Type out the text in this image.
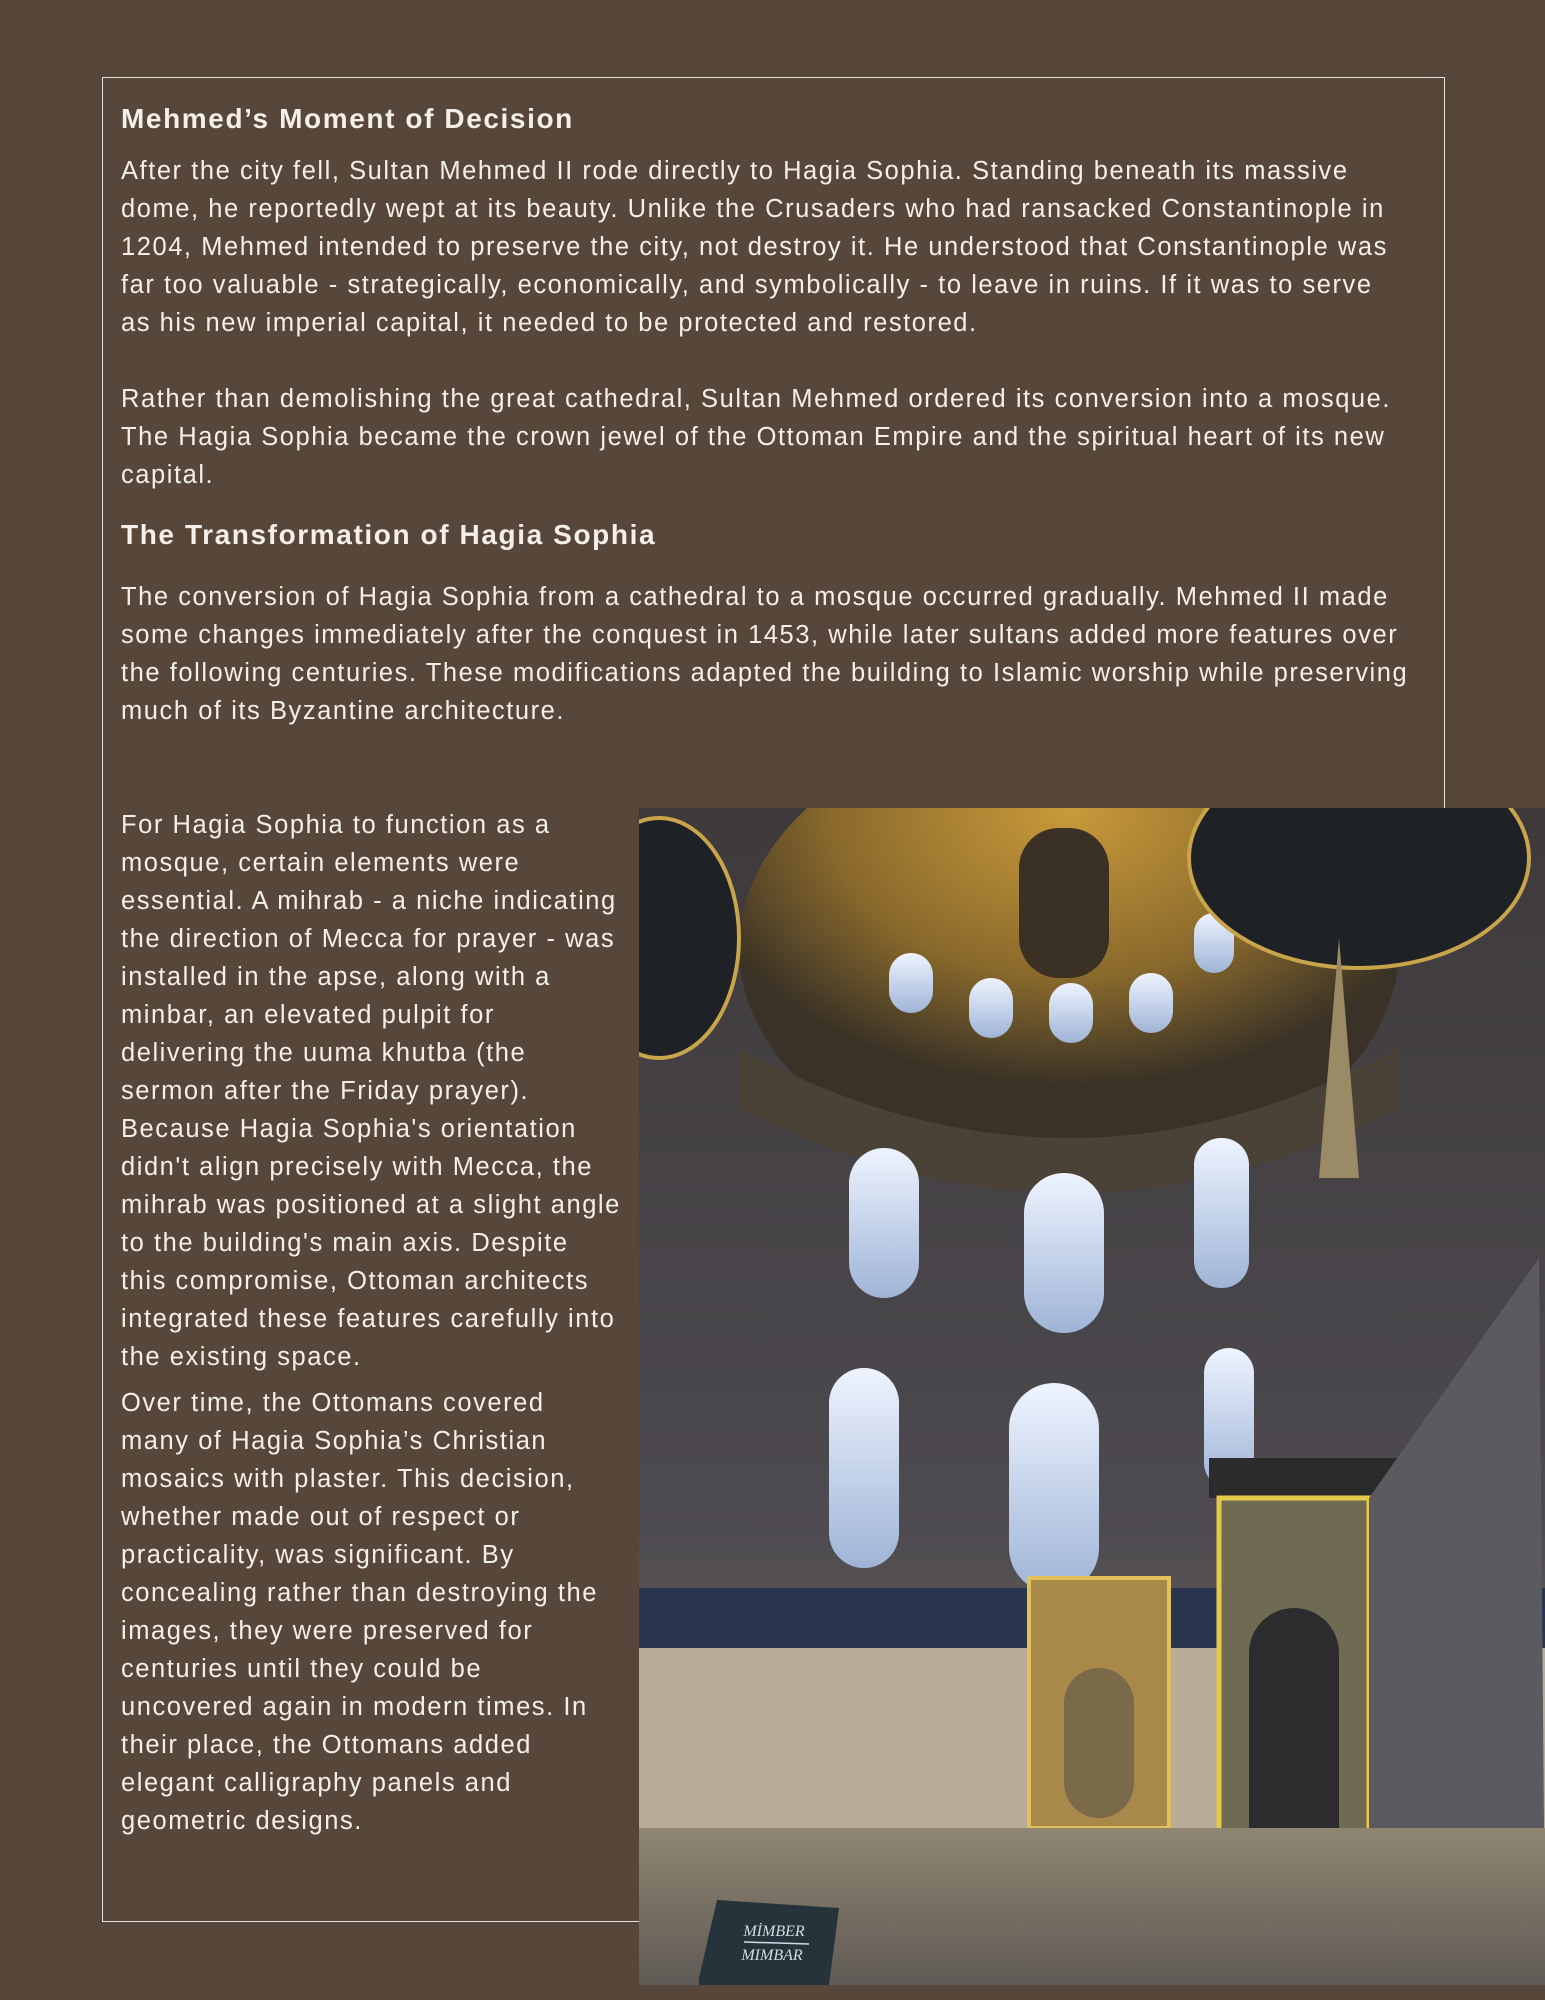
Mehmed’s Moment of Decision

After the city fell, Sultan Mehmed II rode directly to Hagia Sophia. Standing beneath its massive dome, he reportedly wept at its beauty. Unlike the Crusaders who had ransacked Constantinople in 1204, Mehmed intended to preserve the city, not destroy it. He understood that Constantinople was far too valuable - strategically, economically, and symbolically - to leave in ruins. If it was to serve as his new imperial capital, it needed to be protected and restored.

Rather than demolishing the great cathedral, Sultan Mehmed ordered its conversion into a mosque. The Hagia Sophia became the crown jewel of the Ottoman Empire and the spiritual heart of its new capital.

The Transformation of Hagia Sophia

The conversion of Hagia Sophia from a cathedral to a mosque occurred gradually. Mehmed II made some changes immediately after the conquest in 1453, while later sultans added more features over the following centuries. These modifications adapted the building to Islamic worship while preserving much of its Byzantine architecture.

For Hagia Sophia to function as a mosque, certain elements were essential. A mihrab - a niche indicating the direction of Mecca for prayer - was installed in the apse, along with a minbar, an elevated pulpit for delivering the uuma khutba (the sermon after the Friday prayer). Because Hagia Sophia's orientation didn't align precisely with Mecca, the mihrab was positioned at a slight angle to the building's main axis. Despite this compromise, Ottoman architects integrated these features carefully into the existing space.

Over time, the Ottomans covered many of Hagia Sophia’s Christian mosaics with plaster. This decision, whether made out of respect or practicality, was significant. By concealing rather than destroying the images, they were preserved for centuries until they could be uncovered again in modern times. In their place, the Ottomans added elegant calligraphy panels and geometric designs.

MİMBER
MIMBAR
